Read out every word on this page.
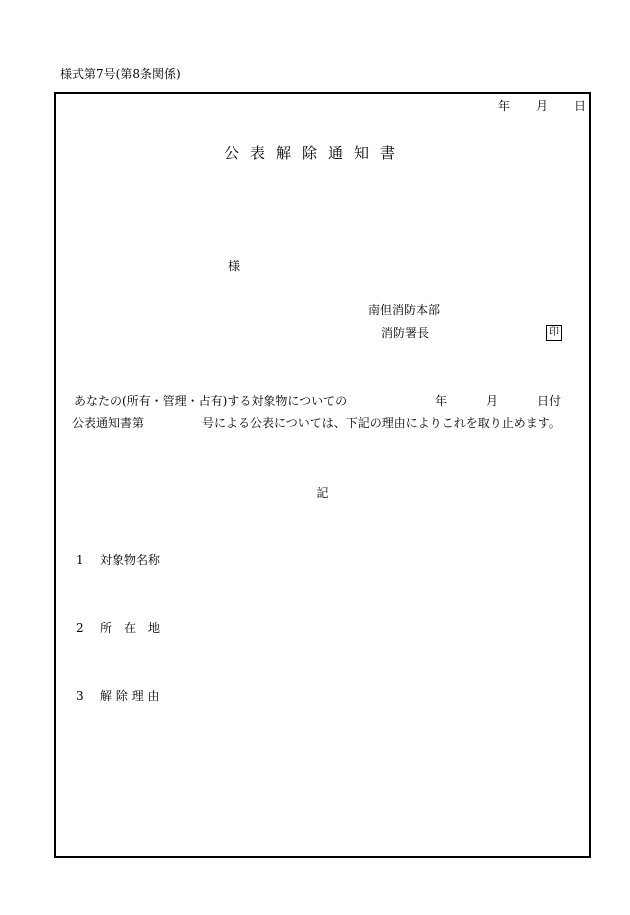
様式第7号(第8条関係)
年 月 日
公表解除通知書
様
南但消防本部
消防署長	印
あなたの(所有・管理・占有)する対象物についての	年	月	日付
公表通知書第	号による公表については、下記の理由によりこれを取り止めます。
記
1 対象物名称
2 所　在　地
3 解 除 理 由
